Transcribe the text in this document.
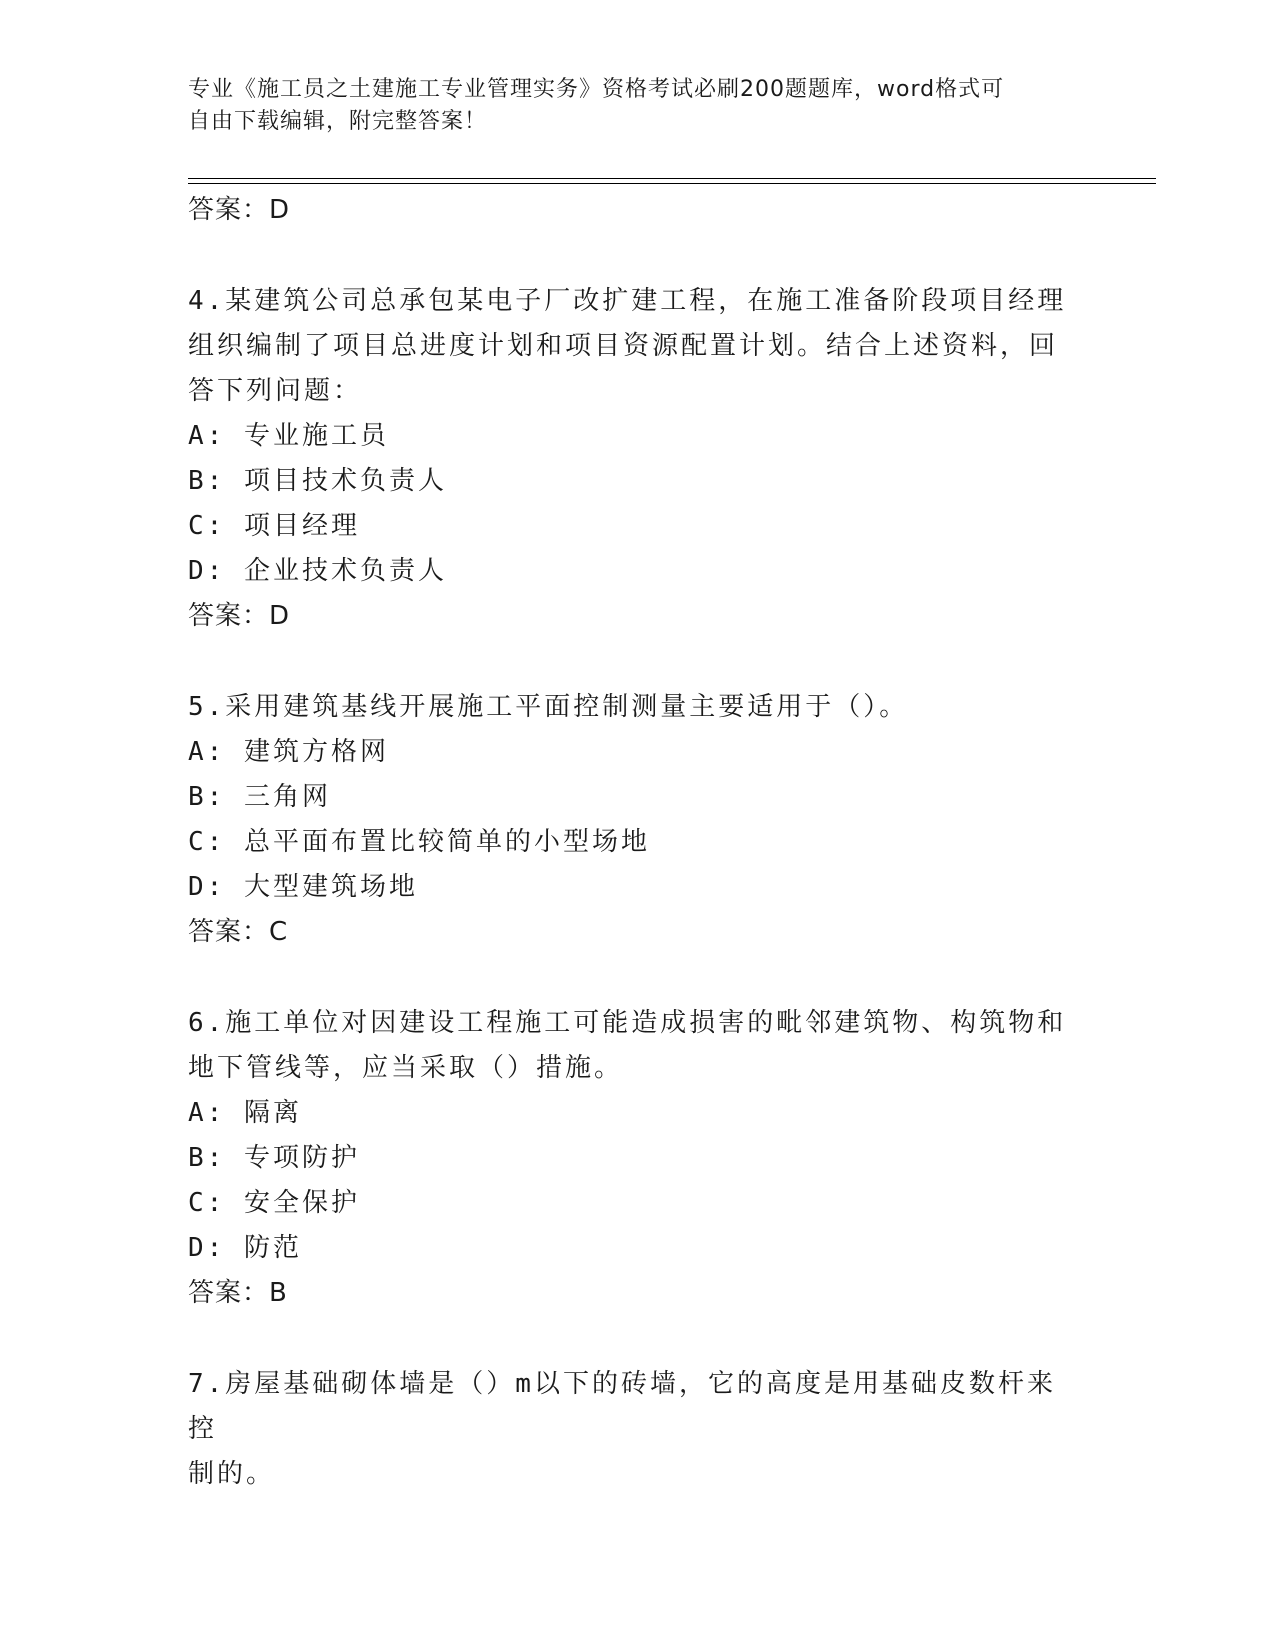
专业《施工员之土建施工专业管理实务》资格考试必刷200题题库，word格式可
自由下载编辑，附完整答案！
答案：D
4.某建筑公司总承包某电子厂改扩建工程，在施工准备阶段项目经理
组织编制了项目总进度计划和项目资源配置计划。结合上述资料，回
答下列问题：
A: 专业施工员
B: 项目技术负责人
C: 项目经理
D: 企业技术负责人
答案：D
5.采用建筑基线开展施工平面控制测量主要适用于（）。
A: 建筑方格网
B: 三角网
C: 总平面布置比较简单的小型场地
D: 大型建筑场地
答案：C
6.施工单位对因建设工程施工可能造成损害的毗邻建筑物、构筑物和
地下管线等，应当采取（）措施。
A: 隔离
B: 专项防护
C: 安全保护
D: 防范
答案：B
7.房屋基础砌体墙是（）m以下的砖墙，它的高度是用基础皮数杆来控
制的。
